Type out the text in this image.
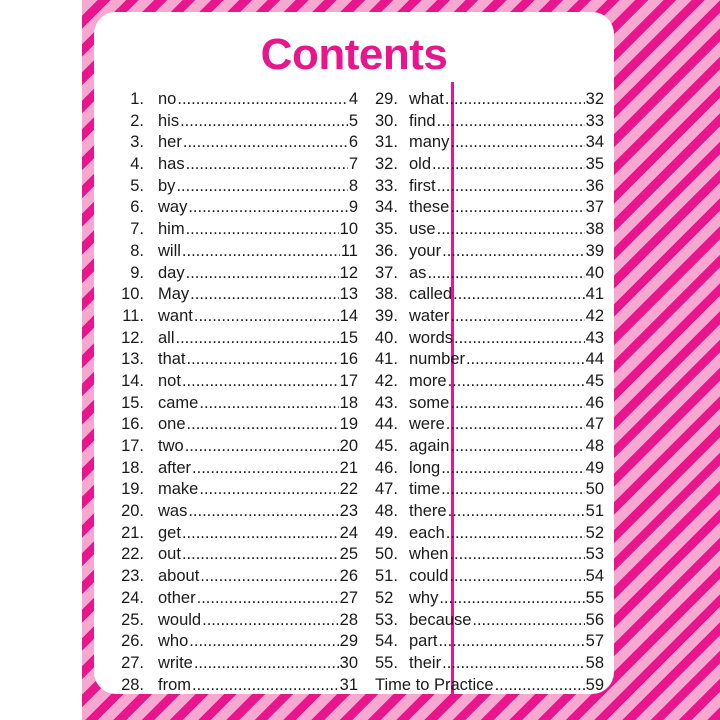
Contents
1. no .....	4
2. his .....	5
3. her .....	6
4. has .....	7
5. by .....	8
6. way .....	9
7. him .....	10
8. will .....	11
9. day .....	12
10. May .....	13
11. want .....	14
12. all .....	15
13. that .....	16
14. not .....	17
15. came .....	18
16. one .....	19
17. two .....	20
18. after .....	21
19. make .....	22
20. was .....	23
21. get .....	24
22. out .....	25
23. about .....	26
24. other .....	27
25. would .....	28
26. who .....	29
27. write .....	30
28. from .....	31
29. what .....	32
30. find .....	33
31. many .....	34
32. old .....	35
33. first .....	36
34. these .....	37
35. use .....	38
36. your .....	39
37. as .....	40
38. called .....	41
39. water .....	42
40. words .....	43
41. number .....	44
42. more .....	45
43. some .....	46
44. were .....	47
45. again .....	48
46. long .....	49
47. time .....	50
48. there .....	51
49. each .....	52
50. when .....	53
51. could .....	54
52 why .....	55
53. because .....	56
54. part .....	57
55. their .....	58
Time to Practice .....	59
